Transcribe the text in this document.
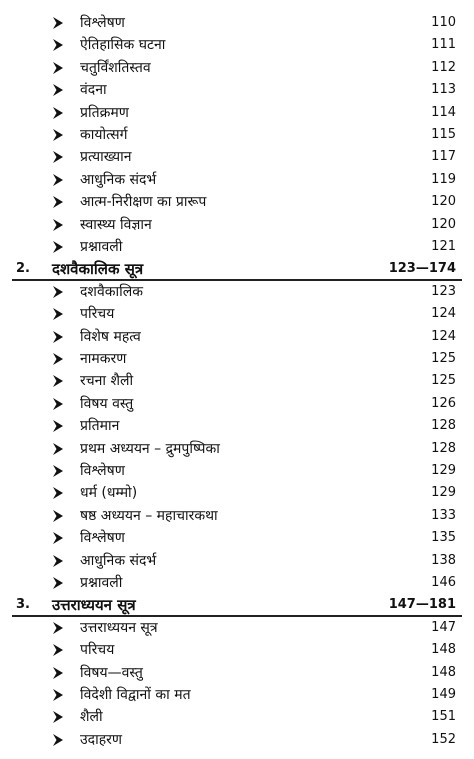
विश्लेषण	110
ऐतिहासिक घटना	111
चतुर्विंशतिस्तव	112
वंदना	113
प्रतिक्रमण	114
कायोत्सर्ग	115
प्रत्याख्यान	117
आधुनिक संदर्भ	119
आत्म-निरीक्षण का प्रारूप	120
स्वास्थ्य विज्ञान	120
प्रश्नावली	121
2. दशवैकालिक सूत्र	123—174
दशवैकालिक	123
परिचय	124
विशेष महत्व	124
नामकरण	125
रचना शैली	125
विषय वस्तु	126
प्रतिमान	128
प्रथम अध्ययन – द्रुमपुष्पिका	128
विश्लेषण	129
धर्म (धम्मो)	129
षष्ठ अध्ययन – महाचारकथा	133
विश्लेषण	135
आधुनिक संदर्भ	138
प्रश्नावली	146
3. उत्तराध्ययन सूत्र	147—181
उत्तराध्ययन सूत्र	147
परिचय	148
विषय—वस्तु	148
विदेशी विद्वानों का मत	149
शैली	151
उदाहरण	152
